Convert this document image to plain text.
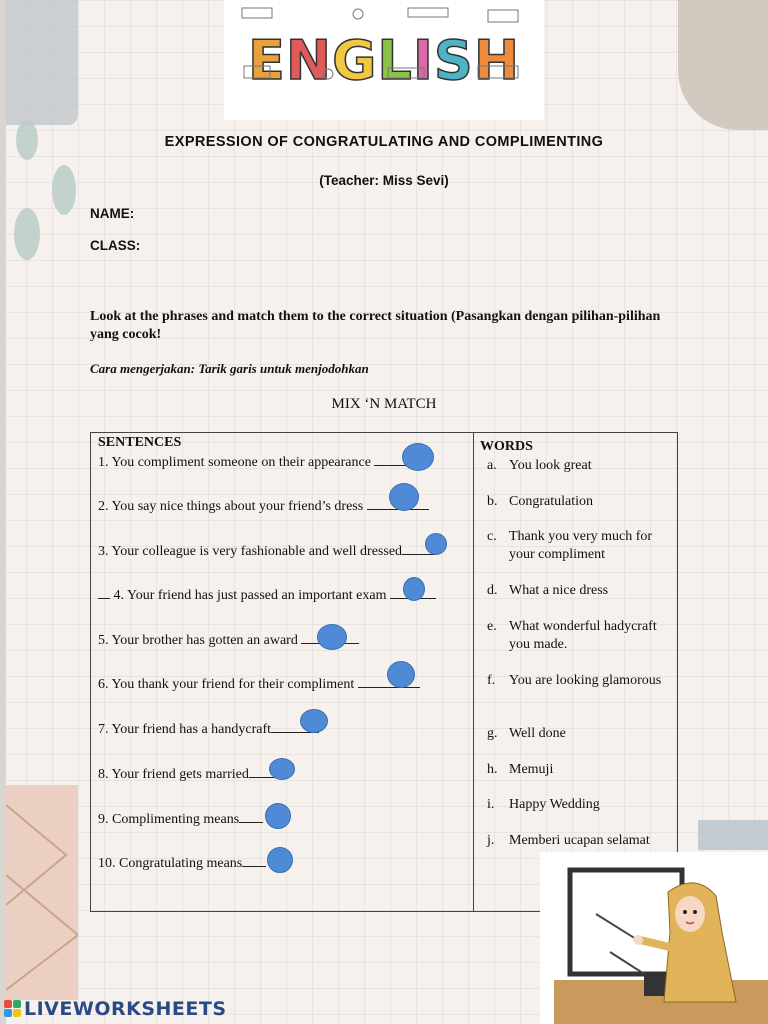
E N G L I S H
EXPRESSION OF CONGRATULATING AND COMPLIMENTING
(Teacher: Miss Sevi)
NAME:
CLASS:
Look at the phrases and match them to the correct situation (Pasangkan dengan pilihan-pilihan yang cocok!
Cara mengerjakan: Tarik garis untuk menjodohkan
MIX ‘N MATCH
SENTENCES	WORDS
1. You compliment someone on their appearance
2. You say nice things about your friend’s dress
3. Your colleague is very fashionable and well dressed
4. Your friend has just passed an important exam
5. Your brother has gotten an award
6. You thank your friend for their compliment
7. Your friend has a handycraft
8. Your friend gets married
9. Complimenting means
10. Congratulating means
a. You look great
b. Congratulation
c. Thank you very much for your compliment
d. What a nice dress
e. What wonderful hadycraft you made.
f. You are looking glamorous
g. Well done
h. Memuji
i.	Happy Wedding
j.	Memberi ucapan selamat
LIVEWORKSHEETS
